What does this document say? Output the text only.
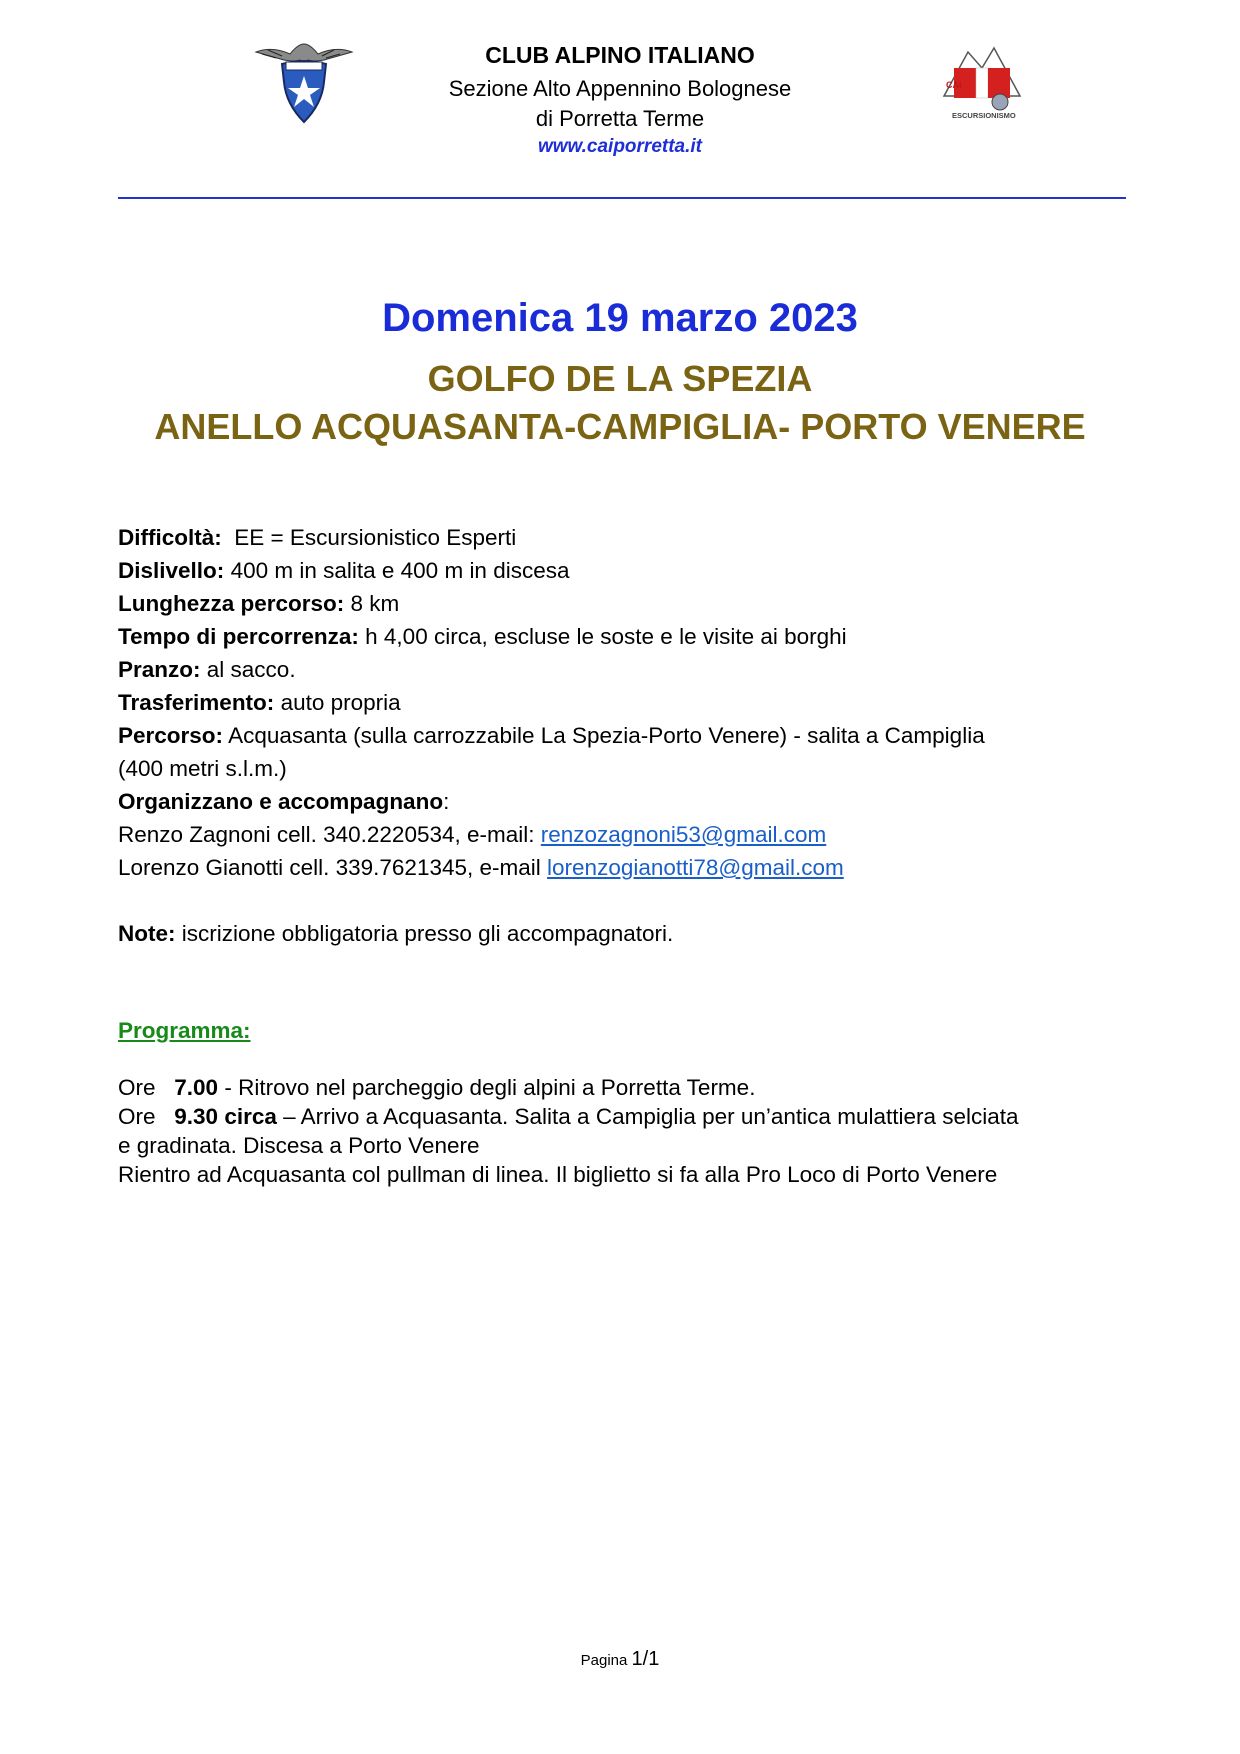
CAI
ESCURSIONISMO
CLUB ALPINO ITALIANO
Sezione Alto Appennino Bolognese
di Porretta Terme
www.caiporretta.it
Domenica 19 marzo 2023
GOLFO DE LA SPEZIA
ANELLO ACQUASANTA-CAMPIGLIA- PORTO VENERE
Difficoltà: EE = Escursionistico Esperti
Dislivello: 400 m in salita e 400 m in discesa
Lunghezza percorso: 8 km
Tempo di percorrenza: h 4,00 circa, escluse le soste e le visite ai borghi
Pranzo: al sacco.
Trasferimento: auto propria
Percorso: Acquasanta (sulla carrozzabile La Spezia-Porto Venere) - salita a Campiglia
(400 metri s.l.m.)
Organizzano e accompagnano:
Renzo Zagnoni cell. 340.2220534, e-mail: renzozagnoni53@gmail.com
Lorenzo Gianotti cell. 339.7621345, e-mail lorenzogianotti78@gmail.com
Note: iscrizione obbligatoria presso gli accompagnatori.
Programma:
Ore 7.00 - Ritrovo nel parcheggio degli alpini a Porretta Terme.
Ore 9.30 circa – Arrivo a Acquasanta. Salita a Campiglia per un’antica mulattiera selciata
e gradinata. Discesa a Porto Venere
Rientro ad Acquasanta col pullman di linea. Il biglietto si fa alla Pro Loco di Porto Venere
Pagina 1/1
